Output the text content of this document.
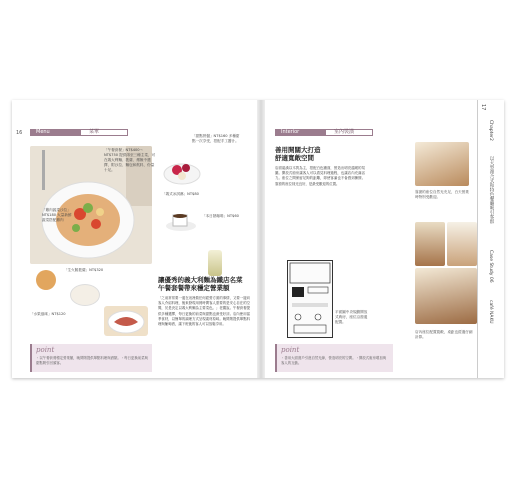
16	Menu	菜單
「雞肉蔬菜沙拉」NT$180 大量新鮮蔬菜搭配雞肉
「午餐套餐」NT$400～NT$750 提供兩至三種主菜，可在義大利麵、披薩、燉飯中選擇，附沙拉、麵包和飲料，份量十足。
「甜點拼盤」NT$160 多種甜點一次享受，搭配手工醬汁。
「義式冰淇淋」NT$80
「本日熱咖啡」NT$60
「生火腿披薩」NT$320
「水果風味」NT$120
讓優秀的義大利麵為鐵店名菜午餐套餐帶來穩定營業額
「之前常常要一邊在這裡做任何經營方面的事情，又要一邊向客人介紹料理，後來發現用餐時間客人需要的是安心自在的空間，於是決定以義大利麵為主要菜色。」老闆說。午餐套餐提供多種選擇，每日更換的前菜與甜點也深受好評。店內使用當季食材，以簡單的調理方式呈現素材原味。晚間則提供單點料理與葡萄酒，讓下班後的客人可以放鬆享用。
point
・以午餐套餐穩定營業額，晚間則提供單點料理與酒類。・每日更換前菜與甜點吸引回頭客。
Interior	室內裝潢
善用開闊大打造舒適寬敞空間
店面裝潢以木質為主，搭配白色牆面，營造出明亮溫暖的氛圍。開放式廚房讓客人可以看見料理過程，也讓店內充滿活力。座位之間保留足夠的距離，即使客滿也不會感到擁擠。靠窗的座位採光良好，是最受歡迎的位置。
平面圖中央規劃開放式廚房，座位沿窗邊配置。
靠窗的座位自然光充足，白天營業時特別受歡迎。
店內座位配置寬敞，桌距也經過仔細計算。
point
・善用大面窗戶引進自然光線，營造明亮的空間。・開放式廚房增加與客人的互動。
17
Chapter2
以大型複合式和特色餐廳吸引客群
Case Study 06
café NAKU
